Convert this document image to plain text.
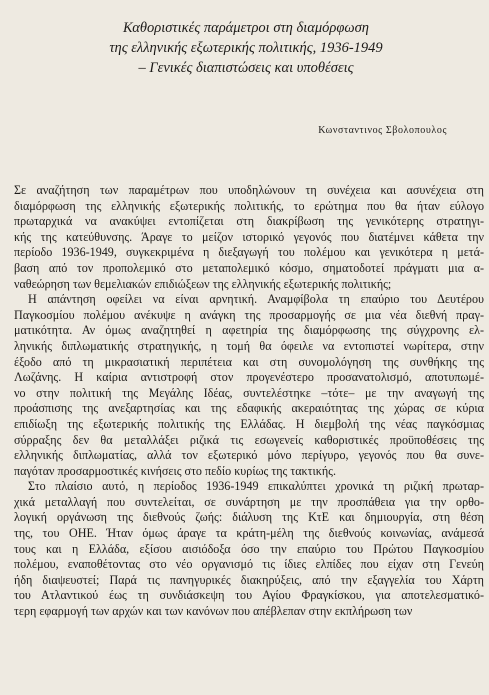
Καθοριστικές παράμετροι στη διαμόρφωση
της ελληνικής εξωτερικής πολιτικής, 1936-1949
– Γενικές διαπιστώσεις και υποθέσεις
Κωνσταντινος Σβολοπουλος
Σε αναζήτηση των παραμέτρων που υποδηλώνουν τη συνέχεια και ασυνέχεια στη
διαμόρφωση της ελληνικής εξωτερικής πολιτικής, το ερώτημα που θα ήταν εύλογο
πρωταρχικά να ανακύψει εντοπίζεται στη διακρίβωση της γενικότερης στρατηγι-
κής της κατεύθυνσης. Άραγε το μείζον ιστορικό γεγονός που διατέμνει κάθετα την
περίοδο 1936-1949, συγκεκριμένα η διεξαγωγή του πολέμου και γενικότερα η μετά-
βαση από τον προπολεμικό στο μεταπολεμικό κόσμο, σηματοδοτεί πράγματι μια α-
ναθεώρηση των θεμελιακών επιδιώξεων της ελληνικής εξωτερικής πολιτικής;
Η απάντηση οφείλει να είναι αρνητική. Αναμφίβολα τη επαύριο του Δευτέρου
Παγκοσμίου πολέμου ανέκυψε η ανάγκη της προσαρμογής σε μια νέα διεθνή πραγ-
ματικότητα. Αν όμως αναζητηθεί η αφετηρία της διαμόρφωσης της σύγχρονης ελ-
ληνικής διπλωματικής στρατηγικής, η τομή θα όφειλε να εντοπιστεί νωρίτερα, στην
έξοδο από τη μικρασιατική περιπέτεια και στη συνομολόγηση της συνθήκης της
Λωζάνης. Η καίρια αντιστροφή στον προγενέστερο προσανατολισμό, αποτυπωμέ-
νο στην πολιτική της Μεγάλης Ιδέας, συντελέστηκε –τότε– με την αναγωγή της
προάσπισης της ανεξαρτησίας και της εδαφικής ακεραιότητας της χώρας σε κύρια
επιδίωξη της εξωτερικής πολιτικής της Ελλάδας. Η διεμβολή της νέας παγκόσμιας
σύρραξης δεν θα μεταλλάξει ριζικά τις εσωγενείς καθοριστικές προϋποθέσεις της
ελληνικής διπλωματίας, αλλά τον εξωτερικό μόνο περίγυρο, γεγονός που θα συνε-
παγόταν προσαρμοστικές κινήσεις στο πεδίο κυρίως της τακτικής.
Στο πλαίσιο αυτό, η περίοδος 1936-1949 επικαλύπτει χρονικά τη ριζική πρωταρ-
χικά μεταλλαγή που συντελείται, σε συνάρτηση με την προσπάθεια για την ορθο-
λογική οργάνωση της διεθνούς ζωής: διάλυση της ΚτΕ και δημιουργία, στη θέση
της, του ΟΗΕ. Ήταν όμως άραγε τα κράτη-μέλη της διεθνούς κοινωνίας, ανάμεσά
τους και η Ελλάδα, εξίσου αισιόδοξα όσο την επαύριο του Πρώτου Παγκοσμίου
πολέμου, εναποθέτοντας στο νέο οργανισμό τις ίδιες ελπίδες που είχαν στη Γενεύη
ήδη διαψευστεί; Παρά τις πανηγυρικές διακηρύξεις, από την εξαγγελία του Χάρτη
του Ατλαντικού έως τη συνδιάσκεψη του Αγίου Φραγκίσκου, για αποτελεσματικό-
τερη εφαρμογή των αρχών και των κανόνων που απέβλεπαν στην εκπλήρωση των
